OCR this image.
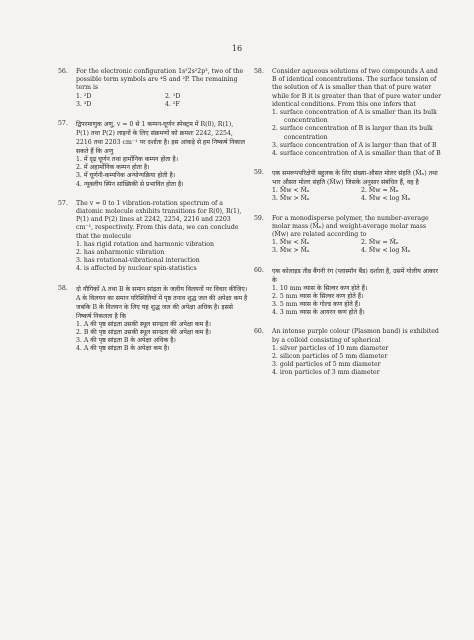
16
56. For the electronic configuration 1s²2s²2p³, two of the possible term symbols are ⁴S and ²P. The remaining term is
1. ²D	2. ¹D
3. ³D	4. ²F
57. द्विपरमाणुक अणु, v = 0 से 1 कम्पन-घूर्णन स्पेक्ट्रम में R(0), R(1), P(1) तथा P(2) लाइनों के लिए संक्रमणों को क्रमशः 2242, 2254, 2216 तथा 2203 cm⁻¹ पर दर्शाता है। इस आंकड़े से हम निष्कर्ष निकाल सकते हैं कि अणु
1. में दृढ़ घूर्णन तथा हार्मोनिक कम्पन होता है।
2. में अहार्मोनिक कम्पन होता है।
3. में घूर्णनी-कम्पनिक अन्योन्यक्रिया होती है।
4. न्यूक्लीय स्पिन सांख्यिकी से प्रभावित होता है।
57. The v = 0 to 1 vibration-rotation spectrum of a diatomic molecule exhibits transitions for R(0), R(1), P(1) and P(2) lines at 2242, 2254, 2216 and 2203 cm⁻¹, respectively. From this data, we can conclude that the molecule
1. has rigid rotation and harmonic vibration
2. has anharmonic vibration
3. has rotational-vibrational interaction
4. is affected by nuclear spin-statistics
58. दो यौगिकों A तथा B के समान सांद्रता के जलीय विलयनों पर विचार कीजिए। A के विलयन का समान परिस्थितियों में पृष्ठ तनाव शुद्ध जल की अपेक्षा कम है जबकि B के विलयन के लिए यह शुद्ध जल की अपेक्षा अधिक है। इससे निष्कर्ष निकलता है कि
1. A की पृष्ठ सांद्रता उसकी स्थूल सान्द्रता की अपेक्षा कम है।
2. B की पृष्ठ सांद्रता उसकी स्थूल सान्द्रता की अपेक्षा कम है।
3. A की पृष्ठ सांद्रता B के अपेक्षा अधिक है।
4. A की पृष्ठ सांद्रता B के अपेक्षा कम है।
58. Consider aqueous solutions of two compounds A and B of identical concentrations. The surface tension of the solution of A is smaller than that of pure water while for B it is greater than that of pure water under identical conditions. From this one infers that
1. surface concentration of A is smaller than its bulk concentration
2. surface concentration of B is larger than its bulk concentration
3. surface concentration of A is larger than that of B
4. surface concentration of A is smaller than that of B
59. एक समरूपपरिक्षेपी बहुलक के लिए संख्या-औसत मोलर संहति (M̄ₙ) तथा भार औसत मोलर संहति (M̄w) जिसके अनुसार संबंधित हैं, वह है
1. M̄w < M̄ₙ	2. M̄w = M̄ₙ
3. M̄w > M̄ₙ	4. M̄w < log M̄ₙ
59. For a monodisperse polymer, the number-average molar mass (M̄ₙ) and weight-average molar mass (M̄w) are related according to
1. M̄w < M̄ₙ	2. M̄w = M̄ₙ
3. M̄w > M̄ₙ	4. M̄w < log M̄ₙ
60. एक कोलाइड तीव्र बैंगनी रंग (प्लास्मॉन बैंड) दर्शाता है, उसमें गोलीय आकार के
1. 10 mm व्यास के सिल्वर कण होते हैं।
2. 5 mm व्यास के सिल्वर कण होते हैं।
3. 5 mm व्यास के गोल्ड कण होते हैं।
4. 3 mm व्यास के आयरन कण होते हैं।
60. An intense purple colour (Plasmon band) is exhibited by a colloid consisting of spherical
1. silver particles of 10 mm diameter
2. silicon particles of 5 mm diameter
3. gold particles of 5 mm diameter
4. iron particles of 3 mm diameter
